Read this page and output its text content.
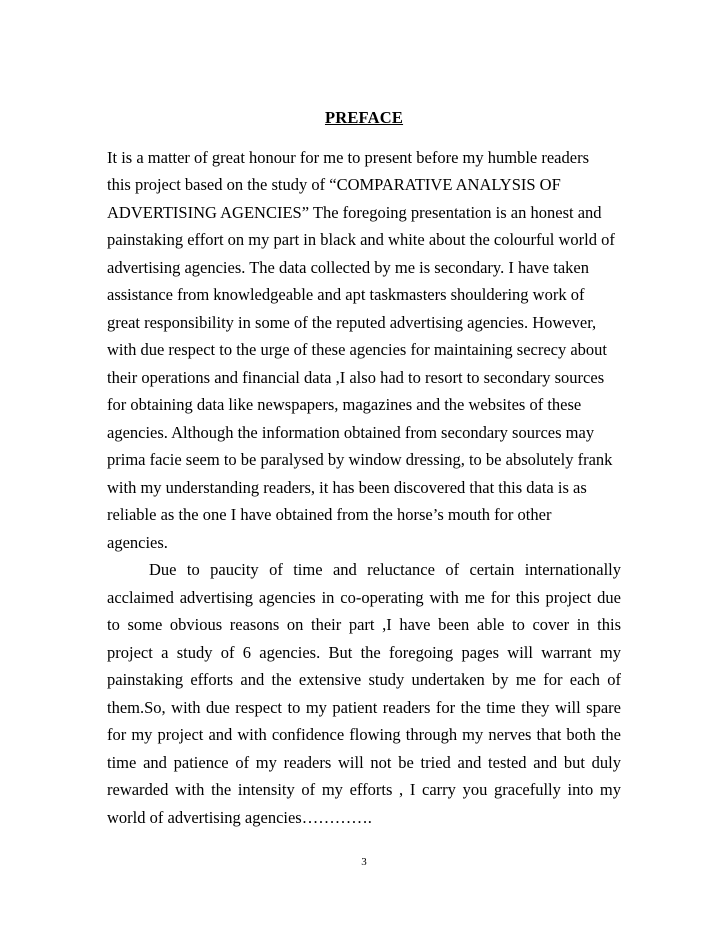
PREFACE
It is a matter of great honour for me to present before my humble readers
this project based on the study of “COMPARATIVE ANALYSIS OF
ADVERTISING AGENCIES” The foregoing presentation is an honest and
painstaking effort on my part in black and white about the colourful world of
advertising agencies. The data collected by me is secondary. I have taken
assistance from knowledgeable and apt taskmasters shouldering work of
great responsibility in some of the reputed advertising agencies. However,
with due respect to the urge of these agencies for maintaining secrecy about
their operations and financial data ,I also had to resort to secondary sources
for obtaining data like newspapers, magazines and the websites of these
agencies. Although the information obtained from secondary sources may
prima facie seem to be paralysed by window dressing, to be absolutely frank
with my understanding readers, it has been discovered that this data is as
reliable as the one I have obtained from the horse’s mouth for other
agencies.
Due to paucity of time and reluctance of certain internationally
acclaimed advertising agencies in co-operating with me for this project due
to some obvious reasons on their part ,I have been able to cover in this
project a study of 6 agencies. But the foregoing pages will warrant my
painstaking efforts and the extensive study undertaken by me for each of
them.So, with due respect to my patient readers for the time they will spare
for my project and with confidence flowing through my nerves that both the
time and patience of my readers will not be tried and tested and but duly
rewarded with the intensity of my efforts , I carry you gracefully into my
world of advertising agencies………….
3
